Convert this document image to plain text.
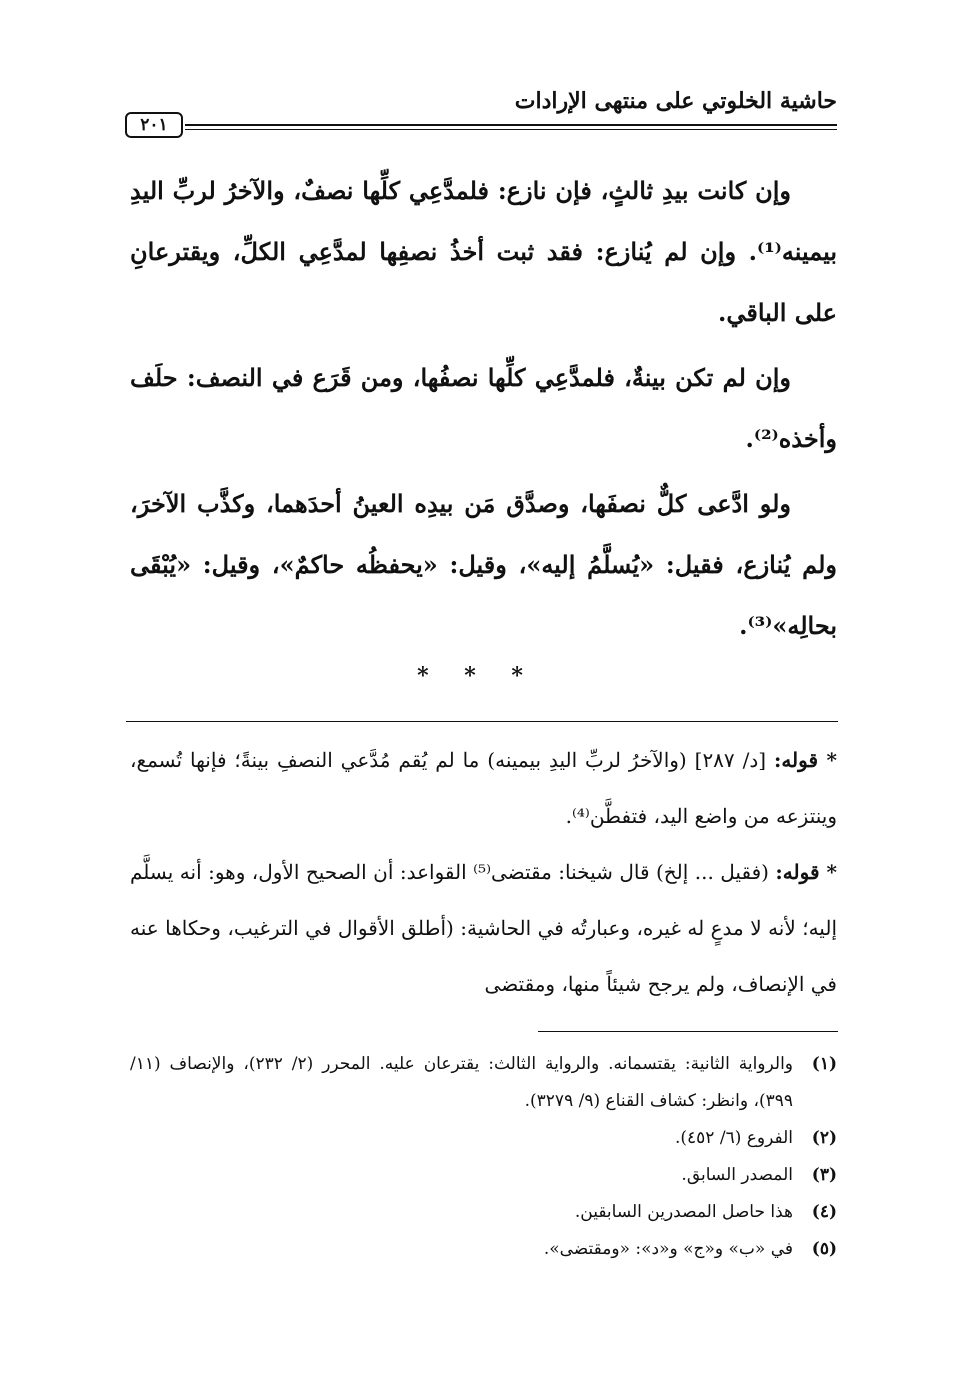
حاشية الخلوتي على منتهى الإرادات
٢٠١

وإن كانت بيدِ ثالثٍ، فإن نازع: فلمدَّعِي كلِّها نصفٌ، والآخرُ لربِّ اليدِ بيمينه⁽¹⁾. وإن لم يُنازع: فقد ثبت أخذُ نصفِها لمدَّعِي الكلِّ، ويقترعانِ على الباقي.

وإن لم تكن بينةٌ، فلمدَّعِي كلِّها نصفُها، ومن قَرَع في النصف: حلَف وأخذه⁽²⁾.

ولو ادَّعى كلٌّ نصفَها، وصدَّق مَن بيدِه العينُ أحدَهما، وكذَّب الآخرَ، ولم يُنازع، فقيل: «يُسلَّمُ إليه»، وقيل: «يحفظُه حاكمٌ»، وقيل: «يُبْقَى بحالِه»⁽³⁾.

* * *

* قوله: [د/ ٢٨٧] (والآخرُ لربِّ اليدِ بيمينه) ما لم يُقم مُدَّعي النصفِ بينةً؛ فإنها تُسمع، وينتزعه من واضع اليد، فتفطَّن⁽⁴⁾.

* قوله: (فقيل ... إلخ) قال شيخنا: مقتضى⁽⁵⁾ القواعد: أن الصحيح الأول، وهو: أنه يسلَّم إليه؛ لأنه لا مدعٍ له غيره، وعبارتُه في الحاشية: (أطلق الأقوال في الترغيب، وحكاها عنه في الإنصاف، ولم يرجح شيئاً منها، ومقتضى

(١)
والرواية الثانية: يقتسمانه. والرواية الثالث: يقترعان عليه. المحرر (٢/ ٢٣٢)، والإنصاف (١١/ ٣٩٩)، وانظر: كشاف القناع (٩/ ٣٢٧٩).
(٢)
الفروع (٦/ ٤٥٢).
(٣)
المصدر السابق.
(٤)
هذا حاصل المصدرين السابقين.
(٥)
في «ب» و«ج» و«د»: «ومقتضى».
